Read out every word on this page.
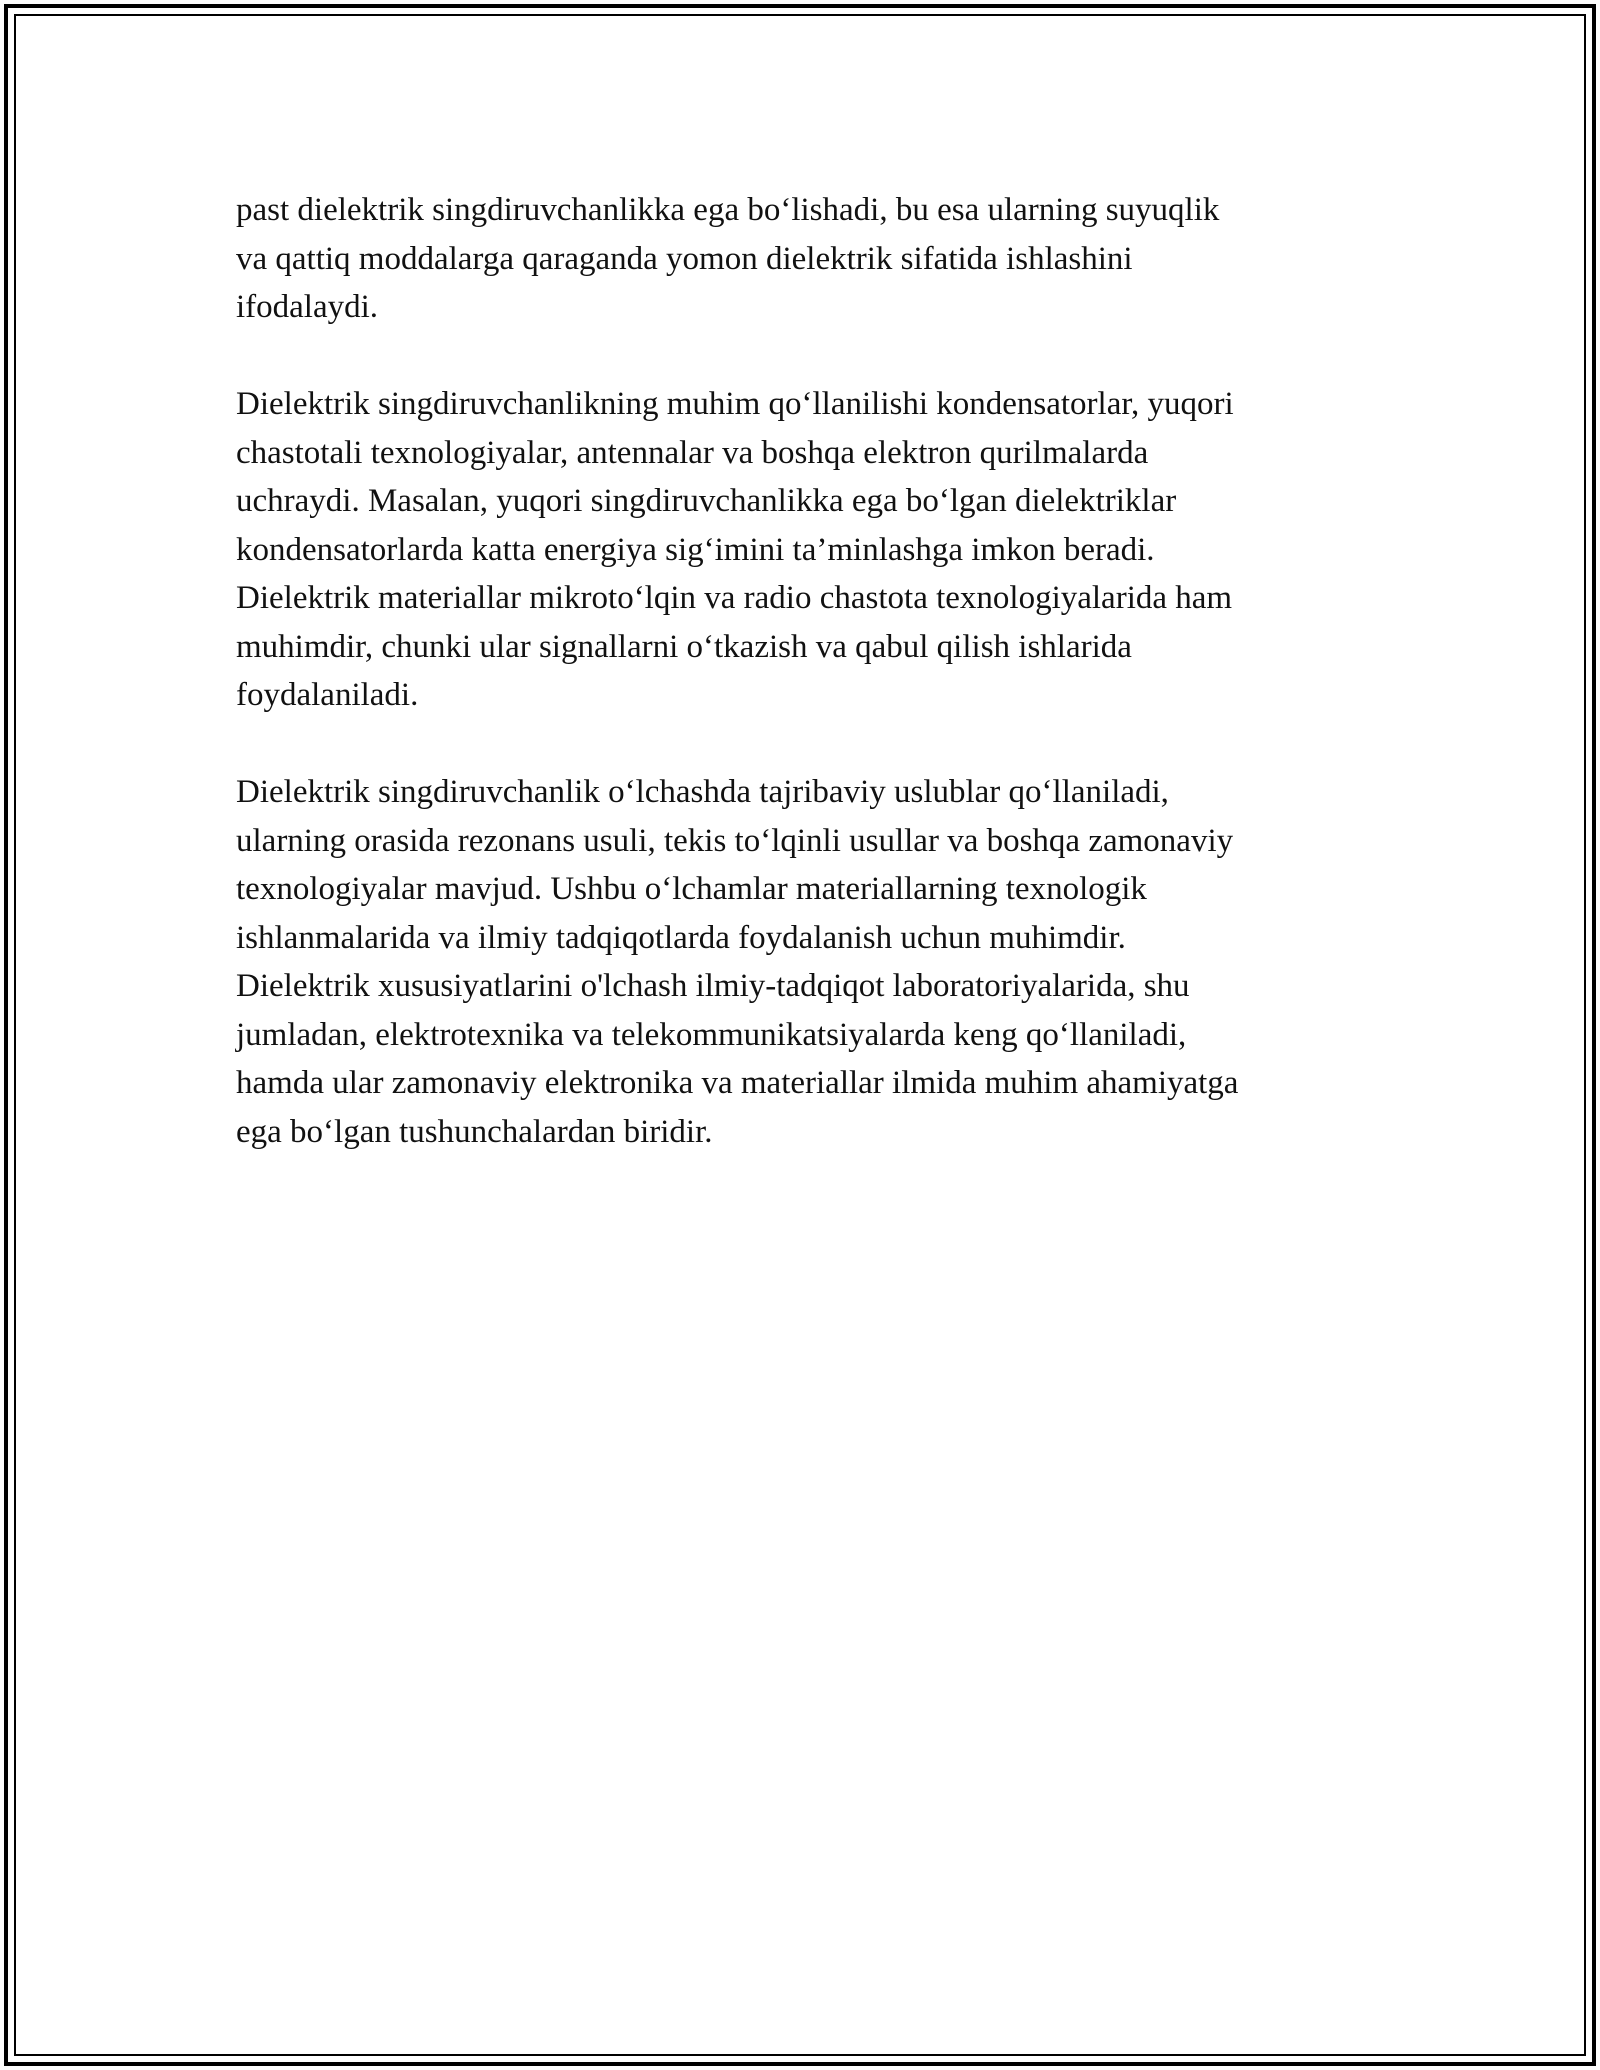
past dielektrik singdiruvchanlikka ega bo‘lishadi, bu esa ularning suyuqlik
va qattiq moddalarga qaraganda yomon dielektrik sifatida ishlashini
ifodalaydi.
Dielektrik singdiruvchanlikning muhim qo‘llanilishi kondensatorlar, yuqori
chastotali texnologiyalar, antennalar va boshqa elektron qurilmalarda
uchraydi. Masalan, yuqori singdiruvchanlikka ega bo‘lgan dielektriklar
kondensatorlarda katta energiya sig‘imini ta’minlashga imkon beradi.
Dielektrik materiallar mikroto‘lqin va radio chastota texnologiyalarida ham
muhimdir, chunki ular signallarni o‘tkazish va qabul qilish ishlarida
foydalaniladi.
Dielektrik singdiruvchanlik o‘lchashda tajribaviy uslublar qo‘llaniladi,
ularning orasida rezonans usuli, tekis to‘lqinli usullar va boshqa zamonaviy
texnologiyalar mavjud. Ushbu o‘lchamlar materiallarning texnologik
ishlanmalarida va ilmiy tadqiqotlarda foydalanish uchun muhimdir.
Dielektrik xususiyatlarini o'lchash ilmiy-tadqiqot laboratoriyalarida, shu
jumladan, elektrotexnika va telekommunikatsiyalarda keng qo‘llaniladi,
hamda ular zamonaviy elektronika va materiallar ilmida muhim ahamiyatga
ega bo‘lgan tushunchalardan biridir.
